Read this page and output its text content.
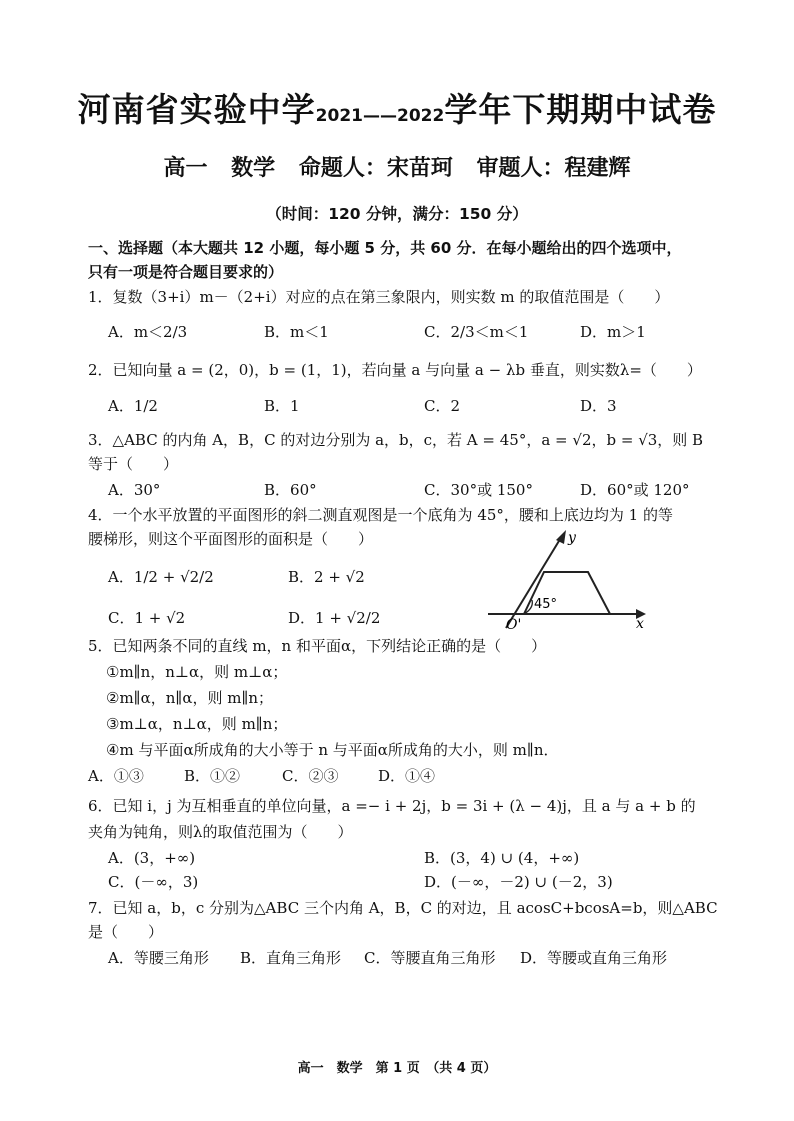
河南省实验中学2021——2022学年下期期中试卷
高一 数学 命题人：宋苗珂 审题人：程建辉
（时间：120 分钟，满分：150 分）
一、选择题（本大题共 12 小题，每小题 5 分，共 60 分．在每小题给出的四个选项中，
只有一项是符合题目要求的）
1．复数（3+i）m－（2+i）对应的点在第三象限内，则实数 m 的取值范围是（　　）
A．m＜2/3	B．m＜1	C．2/3＜m＜1	D．m＞1
2．已知向量 a = (2，0)，b = (1，1)，若向量 a 与向量 a − λb 垂直，则实数λ=（　　）
A．1/2	B．1	C．2	D．3
3．△ABC 的内角 A，B，C 的对边分别为 a，b，c，若 A = 45°，a = √2，b = √3，则 B
等于（　　）
A．30°	B．60°	C．30°或 150°	D．60°或 120°
4．一个水平放置的平面图形的斜二测直观图是一个底角为 45°，腰和上底边均为 1 的等
腰梯形，则这个平面图形的面积是（　　）
A．1/2 + √2/2	B．2 + √2
C．1 + √2	D．1 + √2/2
45°
y
x
O'
5．已知两条不同的直线 m，n 和平面α，下列结论正确的是（　　）
①m∥n，n⊥α，则 m⊥α；
②m∥α，n∥α，则 m∥n；
③m⊥α，n⊥α，则 m∥n；
④m 与平面α所成角的大小等于 n 与平面α所成角的大小，则 m∥n．
A．①③	B．①②	C．②③	D．①④
6．已知 i，j 为互相垂直的单位向量，a =− i + 2j，b = 3i + (λ − 4)j，且 a 与 a + b 的
夹角为钝角，则λ的取值范围为（　　）
A．(3，+∞)	B．(3，4) ∪ (4，+∞)
C．(－∞，3)	D．(－∞，－2) ∪ (－2，3)
7．已知 a，b，c 分别为△ABC 三个内角 A，B，C 的对边，且 acosC+bcosA=b，则△ABC
是（　　）
A．等腰三角形 B．直角三角形 C．等腰直角三角形 D．等腰或直角三角形
高一　数学　第 1 页　（共 4 页）
